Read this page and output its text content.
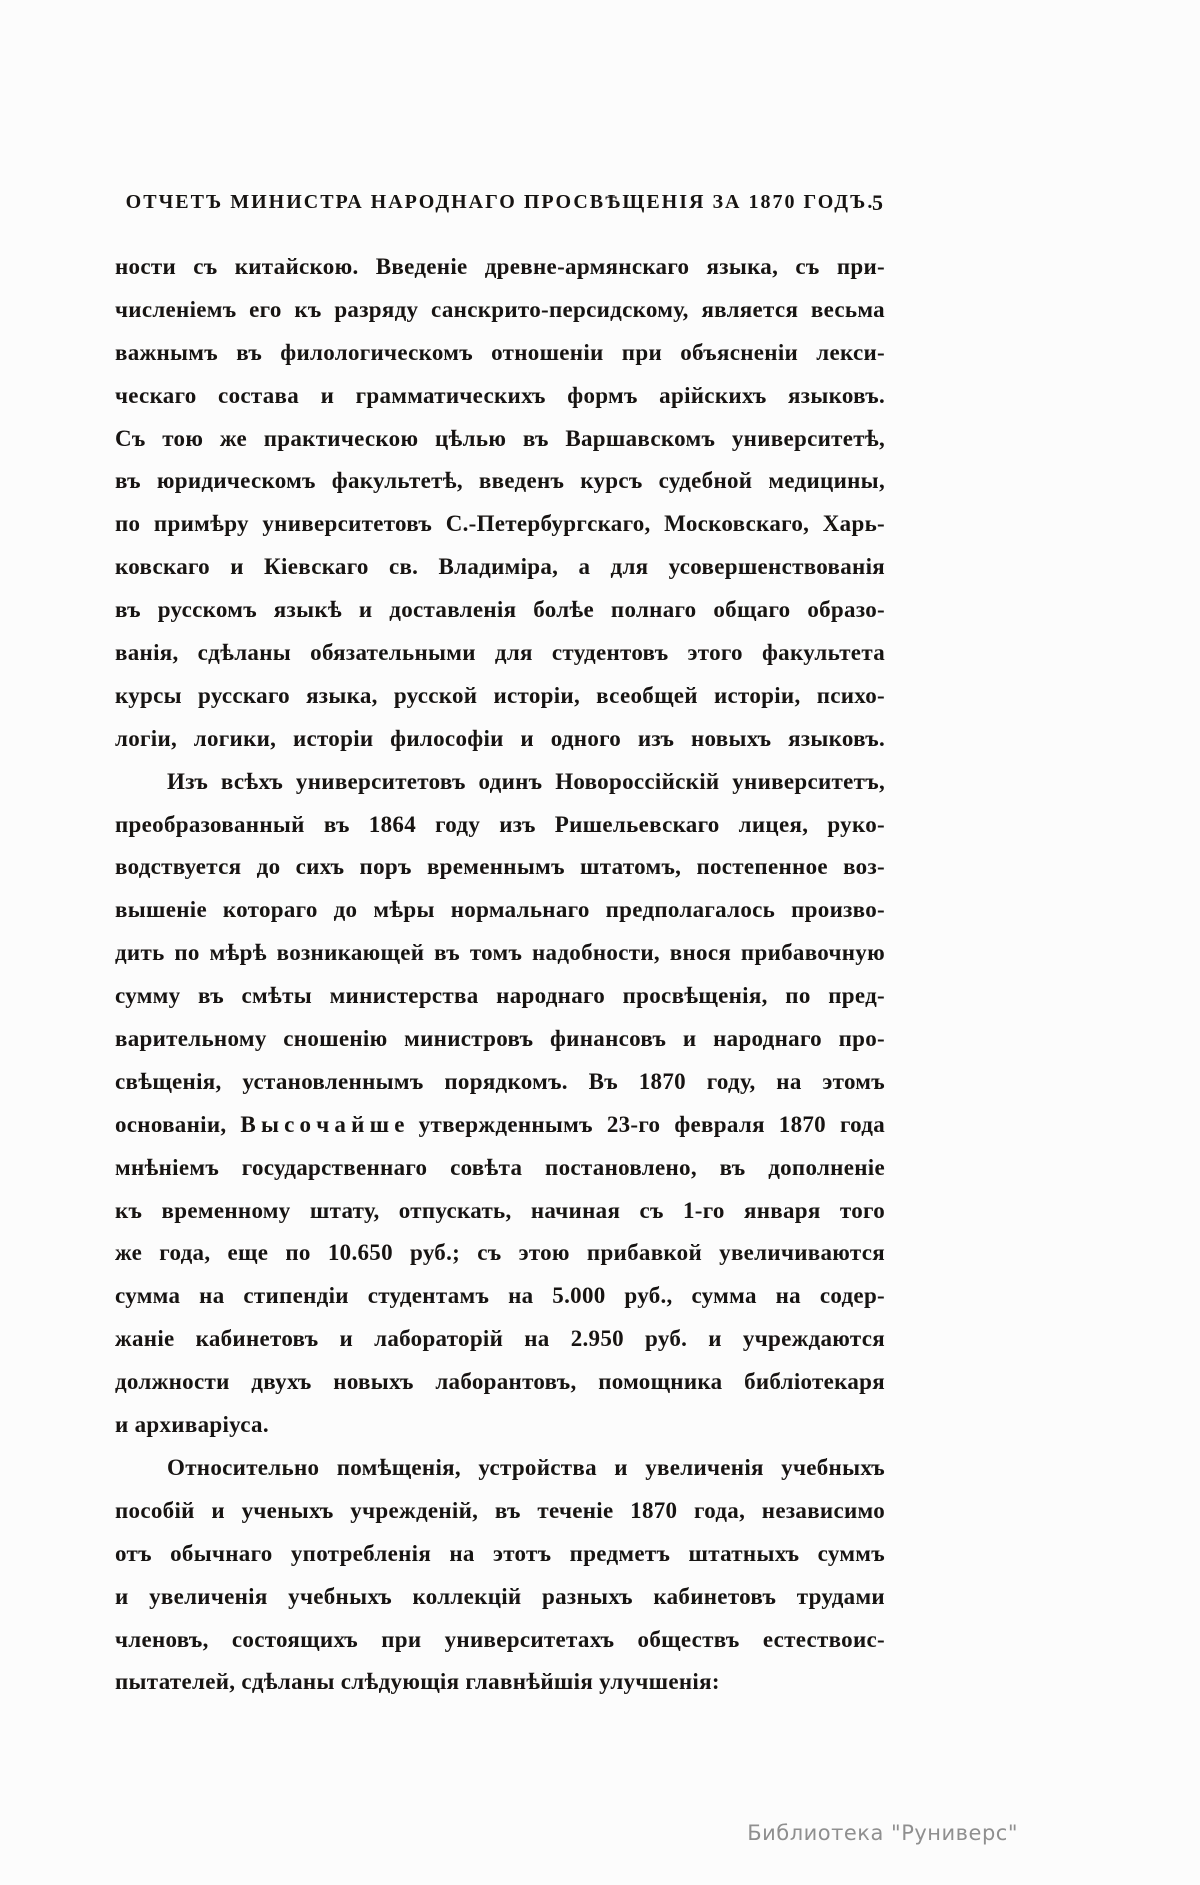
ОТЧЕТЪ МИНИСТРА НАРОДНАГО ПРОСВѢЩЕНІЯ ЗА 1870 ГОДЪ.
5
ности съ китайскою. Введеніе древне-армянскаго языка, съ при-
численіемъ его къ разряду санскрито-персидскому, является весьма
важнымъ въ филологическомъ отношеніи при объясненіи лекси-
ческаго состава и грамматическихъ формъ арійскихъ языковъ.
Съ тою же практическою цѣлью въ Варшавскомъ университетѣ,
въ юридическомъ факультетѣ, введенъ курсъ судебной медицины,
по примѣру университетовъ С.-Петербургскаго, Московскаго, Харь-
ковскаго и Кіевскаго св. Владиміра, а для усовершенствованія
въ русскомъ языкѣ и доставленія болѣе полнаго общаго образо-
ванія, сдѣланы обязательными для студентовъ этого факультета
курсы русскаго языка, русской исторіи, всеобщей исторіи, психо-
логіи, логики, исторіи философіи и одного изъ новыхъ языковъ.
Изъ всѣхъ университетовъ одинъ Новороссійскій университетъ,
преобразованный въ 1864 году изъ Ришельевскаго лицея, руко-
водствуется до сихъ поръ временнымъ штатомъ, постепенное воз-
вышеніе котораго до мѣры нормальнаго предполагалось произво-
дить по мѣрѣ возникающей въ томъ надобности, внося прибавочную
сумму въ смѣты министерства народнаго просвѣщенія, по пред-
варительному сношенію министровъ финансовъ и народнаго про-
свѣщенія, установленнымъ порядкомъ. Въ 1870 году, на этомъ
основаніи, В ы с о ч а й ш е утвержденнымъ 23-го февраля 1870 года
мнѣніемъ государственнаго совѣта постановлено, въ дополненіе
къ временному штату, отпускать, начиная съ 1-го января того
же года, еще по 10.650 руб.; съ этою прибавкой увеличиваются
сумма на стипендіи студентамъ на 5.000 руб., сумма на содер-
жаніе кабинетовъ и лабораторій на 2.950 руб. и учреждаются
должности двухъ новыхъ лаборантовъ, помощника библіотекаря
и архиваріуса.
Относительно помѣщенія, устройства и увеличенія учебныхъ
пособій и ученыхъ учрежденій, въ теченіе 1870 года, независимо
отъ обычнаго употребленія на этотъ предметъ штатныхъ суммъ
и увеличенія учебныхъ коллекцій разныхъ кабинетовъ трудами
членовъ, состоящихъ при университетахъ обществъ естествоис-
пытателей, сдѣланы слѣдующія главнѣйшія улучшенія:
Библиотека "Руниверс"
